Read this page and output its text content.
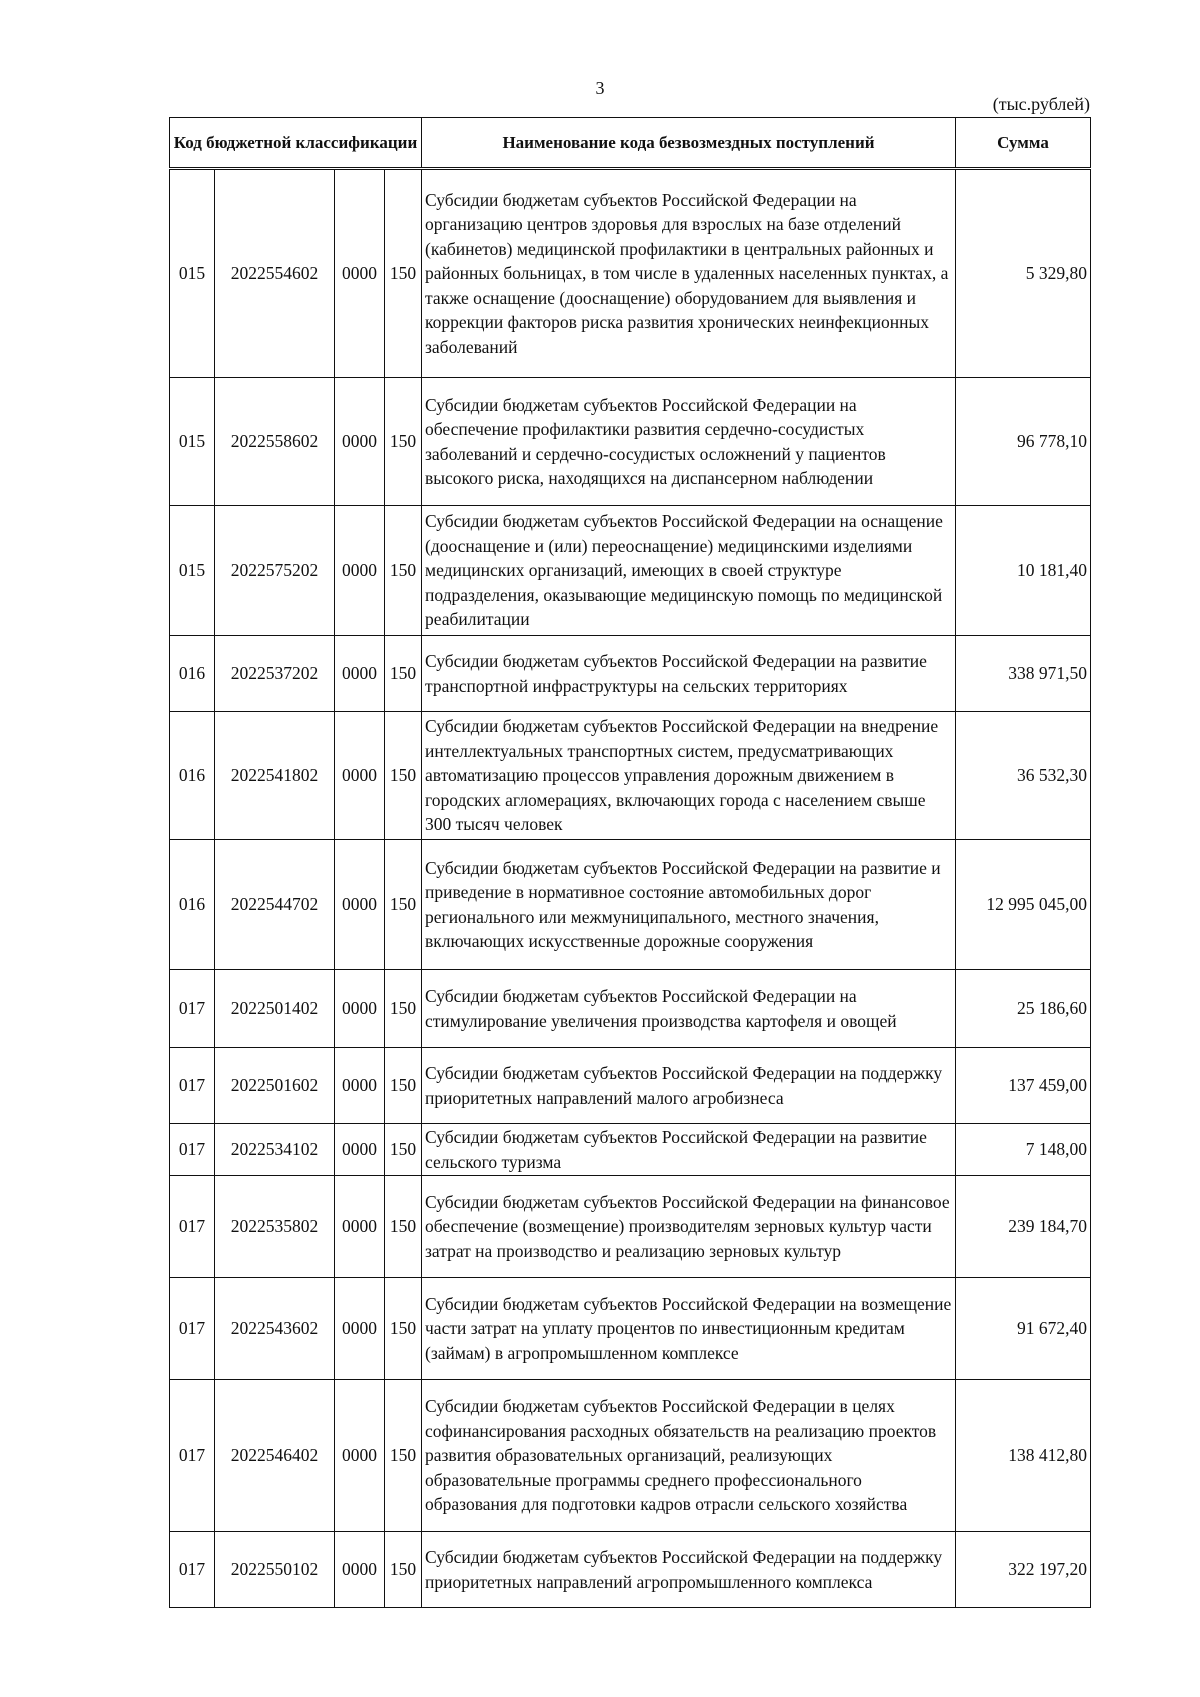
3
(тыс.рублей)
Код бюджетной классификации				Наименование кода безвозмездных поступлений	Сумма
015	2022554602	0000	150	Субсидии бюджетам субъектов Российской Федерации на организацию центров здоровья для взрослых на базе отделений (кабинетов) медицинской профилактики в центральных районных и районных больницах, в том числе в удаленных населенных пунктах, а также оснащение (дооснащение) оборудованием для выявления и коррекции факторов риска развития хронических неинфекционных заболеваний	5 329,80
015	2022558602	0000	150	Субсидии бюджетам субъектов Российской Федерации на обеспечение профилактики развития сердечно-сосудистых заболеваний и сердечно-сосудистых осложнений у пациентов высокого риска, находящихся на диспансерном наблюдении	96 778,10
015	2022575202	0000	150	Субсидии бюджетам субъектов Российской Федерации на оснащение (дооснащение и (или) переоснащение) медицинскими изделиями медицинских организаций, имеющих в своей структуре подразделения, оказывающие медицинскую помощь по медицинской реабилитации	10 181,40
016	2022537202	0000	150	Субсидии бюджетам субъектов Российской Федерации на развитие транспортной инфраструктуры на сельских территориях	338 971,50
016	2022541802	0000	150	Субсидии бюджетам субъектов Российской Федерации на внедрение интеллектуальных транспортных систем, предусматривающих автоматизацию процессов управления дорожным движением в городских агломерациях, включающих города с населением свыше 300 тысяч человек	36 532,30
016	2022544702	0000	150	Субсидии бюджетам субъектов Российской Федерации на развитие и приведение в нормативное состояние автомобильных дорог регионального или межмуниципального, местного значения, включающих искусственные дорожные сооружения	12 995 045,00
017	2022501402	0000	150	Субсидии бюджетам субъектов Российской Федерации на стимулирование увеличения производства картофеля и овощей	25 186,60
017	2022501602	0000	150	Субсидии бюджетам субъектов Российской Федерации на поддержку приоритетных направлений малого агробизнеса	137 459,00
017	2022534102	0000	150	Субсидии бюджетам субъектов Российской Федерации на развитие сельского туризма	7 148,00
017	2022535802	0000	150	Субсидии бюджетам субъектов Российской Федерации на финансовое обеспечение (возмещение) производителям зерновых культур части затрат на производство и реализацию зерновых культур	239 184,70
017	2022543602	0000	150	Субсидии бюджетам субъектов Российской Федерации на возмещение части затрат на уплату процентов по инвестиционным кредитам (займам) в агропромышленном комплексе	91 672,40
017	2022546402	0000	150	Субсидии бюджетам субъектов Российской Федерации в целях софинансирования расходных обязательств на реализацию проектов развития образовательных организаций, реализующих образовательные программы среднего профессионального образования для подготовки кадров отрасли сельского хозяйства	138 412,80
017	2022550102	0000	150	Субсидии бюджетам субъектов Российской Федерации на поддержку приоритетных направлений агропромышленного комплекса	322 197,20
